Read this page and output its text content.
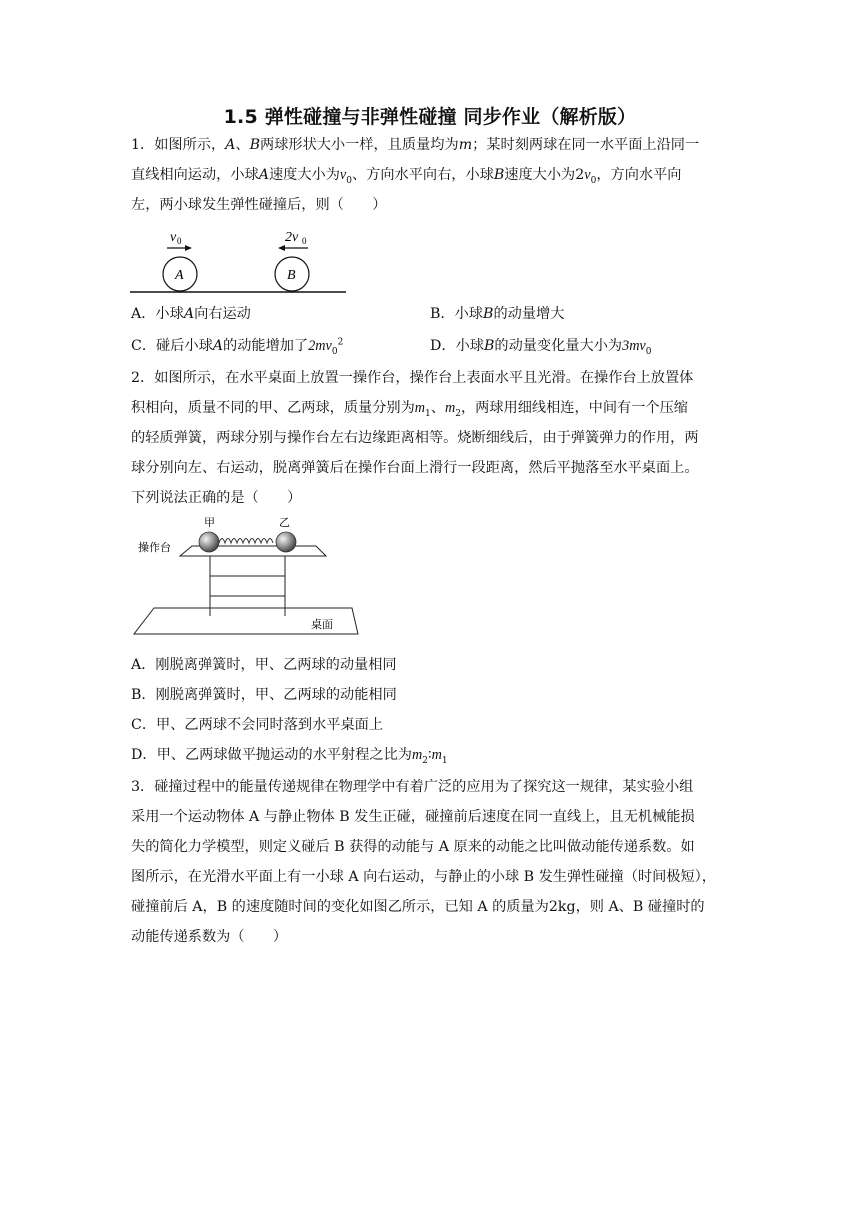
1.5 弹性碰撞与非弹性碰撞 同步作业（解析版）
1．如图所示，A、B两球形状大小一样，且质量均为m；某时刻两球在同一水平面上沿同一
直线相向运动，小球A速度大小为$v_0$、方向水平向右，小球B速度大小为$2v_0$，方向水平向
左，两小球发生弹性碰撞后，则（　　）
v 0	2v 0
A	B
A．小球A向右运动	B．小球B的动量增大
C．碰后小球A的动能增加了$2mv_0^2$	D．小球B的动量变化量大小为$3mv_0$
2．如图所示，在水平桌面上放置一操作台，操作台上表面水平且光滑。在操作台上放置体
积相向，质量不同的甲、乙两球，质量分别为$m_1$、$m_2$，两球用细线相连，中间有一个压缩
的轻质弹簧，两球分别与操作台左右边缘距离相等。烧断细线后，由于弹簧弹力的作用，两
球分别向左、右运动，脱离弹簧后在操作台面上滑行一段距离，然后平抛落至水平桌面上。
下列说法正确的是（　　）
甲	乙
操作台
桌面
A．刚脱离弹簧时，甲、乙两球的动量相同
B．刚脱离弹簧时，甲、乙两球的动能相同
C．甲、乙两球不会同时落到水平桌面上
D．甲、乙两球做平抛运动的水平射程之比为$m_2∶m_1$
3．碰撞过程中的能量传递规律在物理学中有着广泛的应用为了探究这一规律，某实验小组
采用一个运动物体 A 与静止物体 B 发生正碰，碰撞前后速度在同一直线上，且无机械能损
失的简化力学模型，则定义碰后 B 获得的动能与 A 原来的动能之比叫做动能传递系数。如
图所示，在光滑水平面上有一小球 A 向右运动，与静止的小球 B 发生弹性碰撞（时间极短），
碰撞前后 A，B 的速度随时间的变化如图乙所示，已知 A 的质量为2kg，则 A、B 碰撞时的
动能传递系数为（　　）
